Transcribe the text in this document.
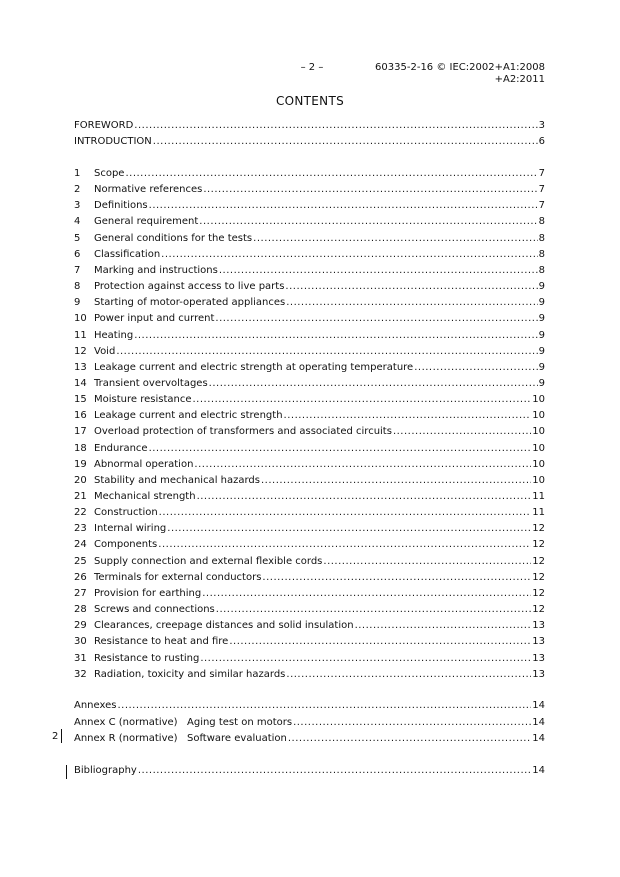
– 2 –	60335-2-16 © IEC:2002+A1:2008
+A2:2011
CONTENTS
FOREWORD .....	3
INTRODUCTION .....	6
1	Scope .....	7
2	Normative references .....	7
3	Definitions .....	7
4	General requirement .....	8
5	General conditions for the tests .....	8
6	Classification .....	8
7	Marking and instructions .....	8
8	Protection against access to live parts .....	9
9	Starting of motor-operated appliances .....	9
10 Power input and current .....	9
11 Heating .....	9
12 Void .....	9
13 Leakage current and electric strength at operating temperature .....	9
14 Transient overvoltages .....	9
15 Moisture resistance .....	10
16 Leakage current and electric strength .....	10
17 Overload protection of transformers and associated circuits .....	10
18 Endurance .....	10
19 Abnormal operation .....	10
20 Stability and mechanical hazards .....	10
21 Mechanical strength .....	11
22 Construction .....	11
23 Internal wiring .....	12
24 Components .....	12
25 Supply connection and external flexible cords .....	12
26 Terminals for external conductors .....	12
27 Provision for earthing .....	12
28 Screws and connections .....	12
29 Clearances, creepage distances and solid insulation .....	13
30 Resistance to heat and fire .....	13
31 Resistance to rusting .....	13
32 Radiation, toxicity and similar hazards .....	13
Annexes .....	14
Annex C (normative) Aging test on motors .....	14
Annex R (normative) Software evaluation .....	14
Bibliography .....	14
2
